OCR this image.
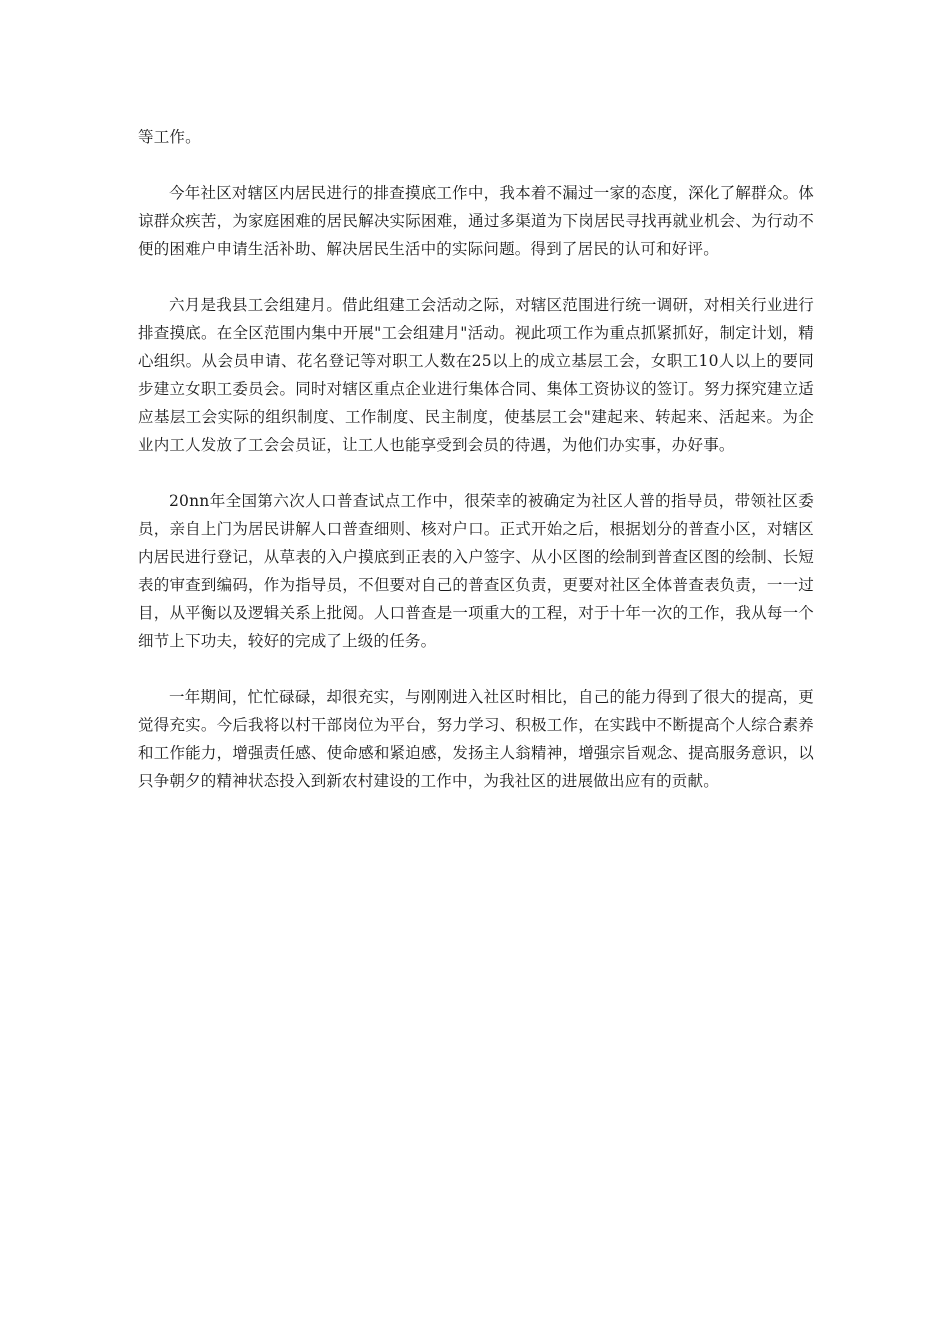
等工作。

今年社区对辖区内居民进行的排查摸底工作中，我本着不漏过一家的态度，深化了解群众。体谅群众疾苦，为家庭困难的居民解决实际困难，通过多渠道为下岗居民寻找再就业机会、为行动不便的困难户申请生活补助、解决居民生活中的实际问题。得到了居民的认可和好评。

六月是我县工会组建月。借此组建工会活动之际，对辖区范围进行统一调研，对相关行业进行排查摸底。在全区范围内集中开展"工会组建月"活动。视此项工作为重点抓紧抓好，制定计划，精心组织。从会员申请、花名登记等对职工人数在25以上的成立基层工会，女职工10人以上的要同步建立女职工委员会。同时对辖区重点企业进行集体合同、集体工资协议的签订。努力探究建立适应基层工会实际的组织制度、工作制度、民主制度，使基层工会"建起来、转起来、活起来。为企业内工人发放了工会会员证，让工人也能享受到会员的待遇，为他们办实事，办好事。

20nn年全国第六次人口普查试点工作中，很荣幸的被确定为社区人普的指导员，带领社区委员，亲自上门为居民讲解人口普查细则、核对户口。正式开始之后，根据划分的普查小区，对辖区内居民进行登记，从草表的入户摸底到正表的入户签字、从小区图的绘制到普查区图的绘制、长短表的审查到编码，作为指导员，不但要对自己的普查区负责，更要对社区全体普查表负责，一一过目，从平衡以及逻辑关系上批阅。人口普查是一项重大的工程，对于十年一次的工作，我从每一个细节上下功夫，较好的完成了上级的任务。

一年期间，忙忙碌碌，却很充实，与刚刚进入社区时相比，自己的能力得到了很大的提高，更觉得充实。今后我将以村干部岗位为平台，努力学习、积极工作，在实践中不断提高个人综合素养和工作能力，增强责任感、使命感和紧迫感，发扬主人翁精神，增强宗旨观念、提高服务意识，以只争朝夕的精神状态投入到新农村建设的工作中，为我社区的进展做出应有的贡献。
